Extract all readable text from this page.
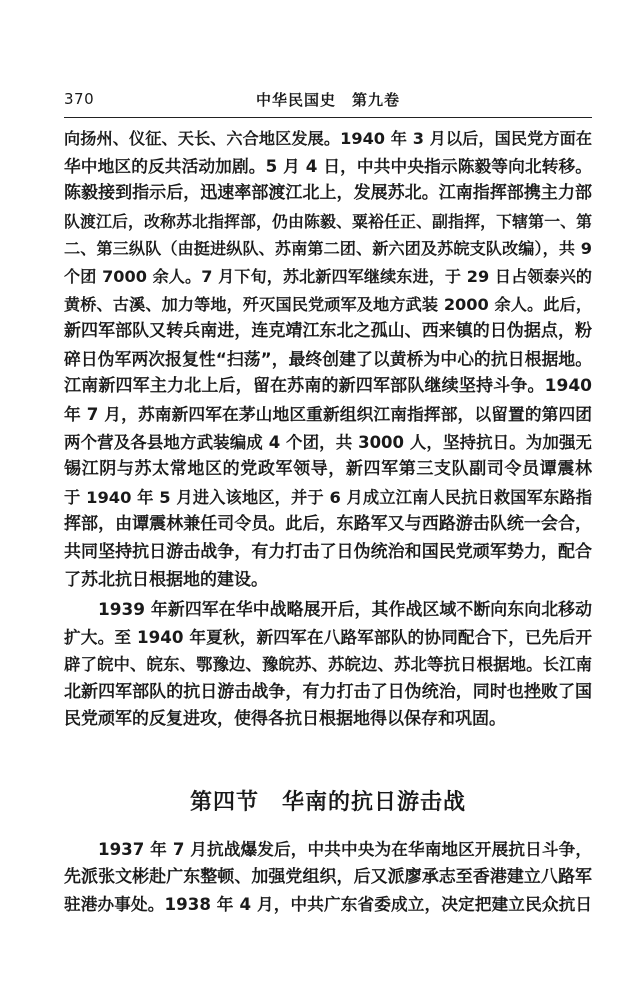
370	中华民国史　第九卷
向扬州、仪征、天长、六合地区发展。1940 年 3 月以后，国民党方面在
华中地区的反共活动加剧。5 月 4 日，中共中央指示陈毅等向北转移。
陈毅接到指示后，迅速率部渡江北上，发展苏北。江南指挥部携主力部
队渡江后，改称苏北指挥部，仍由陈毅、粟裕任正、副指挥，下辖第一、第
二、第三纵队（由挺进纵队、苏南第二团、新六团及苏皖支队改编），共 9
个团 7000 余人。7 月下旬，苏北新四军继续东进，于 29 日占领泰兴的
黄桥、古溪、加力等地，歼灭国民党顽军及地方武装 2000 余人。此后，
新四军部队又转兵南进，连克靖江东北之孤山、西来镇的日伪据点，粉
碎日伪军两次报复性“扫荡”，最终创建了以黄桥为中心的抗日根据地。
江南新四军主力北上后，留在苏南的新四军部队继续坚持斗争。1940
年 7 月，苏南新四军在茅山地区重新组织江南指挥部，以留置的第四团
两个营及各县地方武装编成 4 个团，共 3000 人，坚持抗日。为加强无
锡江阴与苏太常地区的党政军领导，新四军第三支队副司令员谭震林
于 1940 年 5 月进入该地区，并于 6 月成立江南人民抗日救国军东路指
挥部，由谭震林兼任司令员。此后，东路军又与西路游击队统一会合，
共同坚持抗日游击战争，有力打击了日伪统治和国民党顽军势力，配合
了苏北抗日根据地的建设。
1939 年新四军在华中战略展开后，其作战区域不断向东向北移动
扩大。至 1940 年夏秋，新四军在八路军部队的协同配合下，已先后开
辟了皖中、皖东、鄂豫边、豫皖苏、苏皖边、苏北等抗日根据地。长江南
北新四军部队的抗日游击战争，有力打击了日伪统治，同时也挫败了国
民党顽军的反复进攻，使得各抗日根据地得以保存和巩固。
第四节　华南的抗日游击战
1937 年 7 月抗战爆发后，中共中央为在华南地区开展抗日斗争，
先派张文彬赴广东整顿、加强党组织，后又派廖承志至香港建立八路军
驻港办事处。1938 年 4 月，中共广东省委成立，决定把建立民众抗日
